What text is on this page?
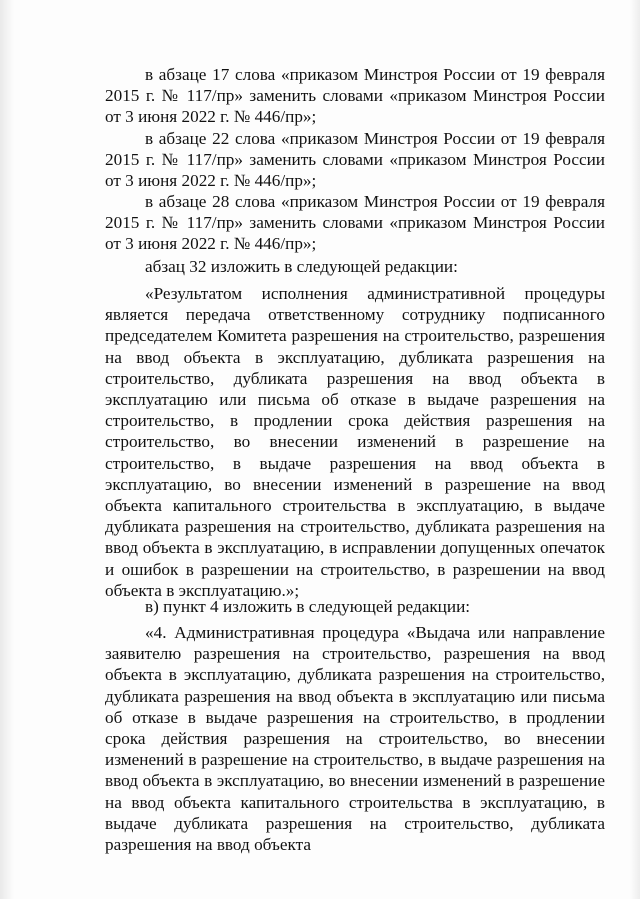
в абзаце 17 слова «приказом Минстроя России от 19 февраля 2015 г. № 117/пр» заменить словами «приказом Минстроя России от 3 июня 2022 г. № 446/пр»;

в абзаце 22 слова «приказом Минстроя России от 19 февраля 2015 г. № 117/пр» заменить словами «приказом Минстроя России от 3 июня 2022 г. № 446/пр»;

в абзаце 28 слова «приказом Минстроя России от 19 февраля 2015 г. № 117/пр» заменить словами «приказом Минстроя России от 3 июня 2022 г. № 446/пр»;

абзац 32 изложить в следующей редакции:

«Результатом исполнения административной процедуры является передача ответственному сотруднику подписанного председателем Комитета разрешения на строительство, разрешения на ввод объекта в эксплуатацию, дубликата разрешения на строительство, дубликата разрешения на ввод объекта в эксплуатацию или письма об отказе в выдаче разрешения на строительство, в продлении срока действия разрешения на строительство, во внесении изменений в разрешение на строительство, в выдаче разрешения на ввод объекта в эксплуатацию, во внесении изменений в разрешение на ввод объекта капитального строительства в эксплуатацию, в выдаче дубликата разрешения на строительство, дубликата разрешения на ввод объекта в эксплуатацию, в исправлении допущенных опечаток и ошибок в разрешении на строительство, в разрешении на ввод объекта в эксплуатацию.»;

в) пункт 4 изложить в следующей редакции:

«4. Административная процедура «Выдача или направление заявителю разрешения на строительство, разрешения на ввод объекта в эксплуатацию, дубликата разрешения на строительство, дубликата разрешения на ввод объекта в эксплуатацию или письма об отказе в выдаче разрешения на строительство, в продлении срока действия разрешения на строительство, во внесении изменений в разрешение на строительство, в выдаче разрешения на ввод объекта в эксплуатацию, во внесении изменений в разрешение на ввод объекта капитального строительства в эксплуатацию, в выдаче дубликата разрешения на строительство, дубликата разрешения на ввод объекта
